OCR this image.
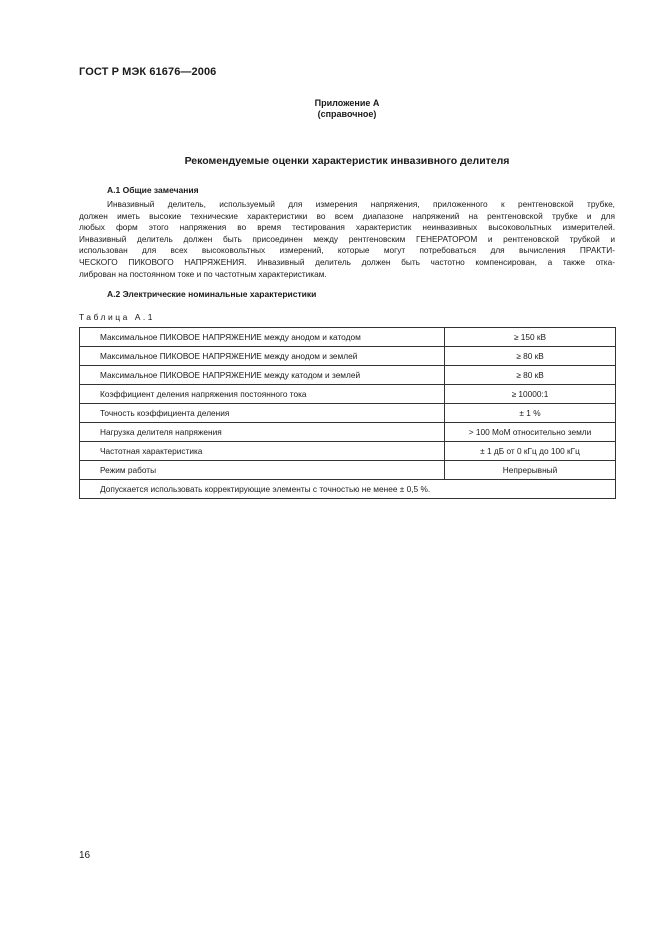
ГОСТ Р МЭК 61676—2006
Приложение А
(справочное)
Рекомендуемые оценки характеристик инвазивного делителя
А.1 Общие замечания
Инвазивный делитель, используемый для измерения напряжения, приложенного к рентгеновской трубке,
должен иметь высокие технические характеристики во всем диапазоне напряжений на рентгеновской трубке и для
любых форм этого напряжения во время тестирования характеристик неинвазивных высоковольтных измерителей.
Инвазивный делитель должен быть присоединен между рентгеновским ГЕНЕРАТОРОМ и рентгеновской трубкой и
использован для всех высоковольтных измерений, которые могут потребоваться для вычисления ПРАКТИ-
ЧЕСКОГО ПИКОВОГО НАПРЯЖЕНИЯ. Инвазивный делитель должен быть частотно компенсирован, а также отка-
либрован на постоянном токе и по частотным характеристикам.
А.2 Электрические номинальные характеристики
Таблица А.1
Максимальное ПИКОВОЕ НАПРЯЖЕНИЕ между анодом и катодом	≥ 150 кВ
Максимальное ПИКОВОЕ НАПРЯЖЕНИЕ между анодом и землей	≥ 80 кВ
Максимальное ПИКОВОЕ НАПРЯЖЕНИЕ между катодом и землей	≥ 80 кВ
Коэффициент деления напряжения постоянного тока	≥ 10000:1
Точность коэффициента деления	± 1 %
Нагрузка делителя напряжения	> 100 МоМ относительно земли
Частотная характеристика	± 1 дБ от 0 кГц до 100 кГц
Режим работы	Непрерывный
Допускается использовать корректирующие элементы с точностью не менее ± 0,5 %.	
16
